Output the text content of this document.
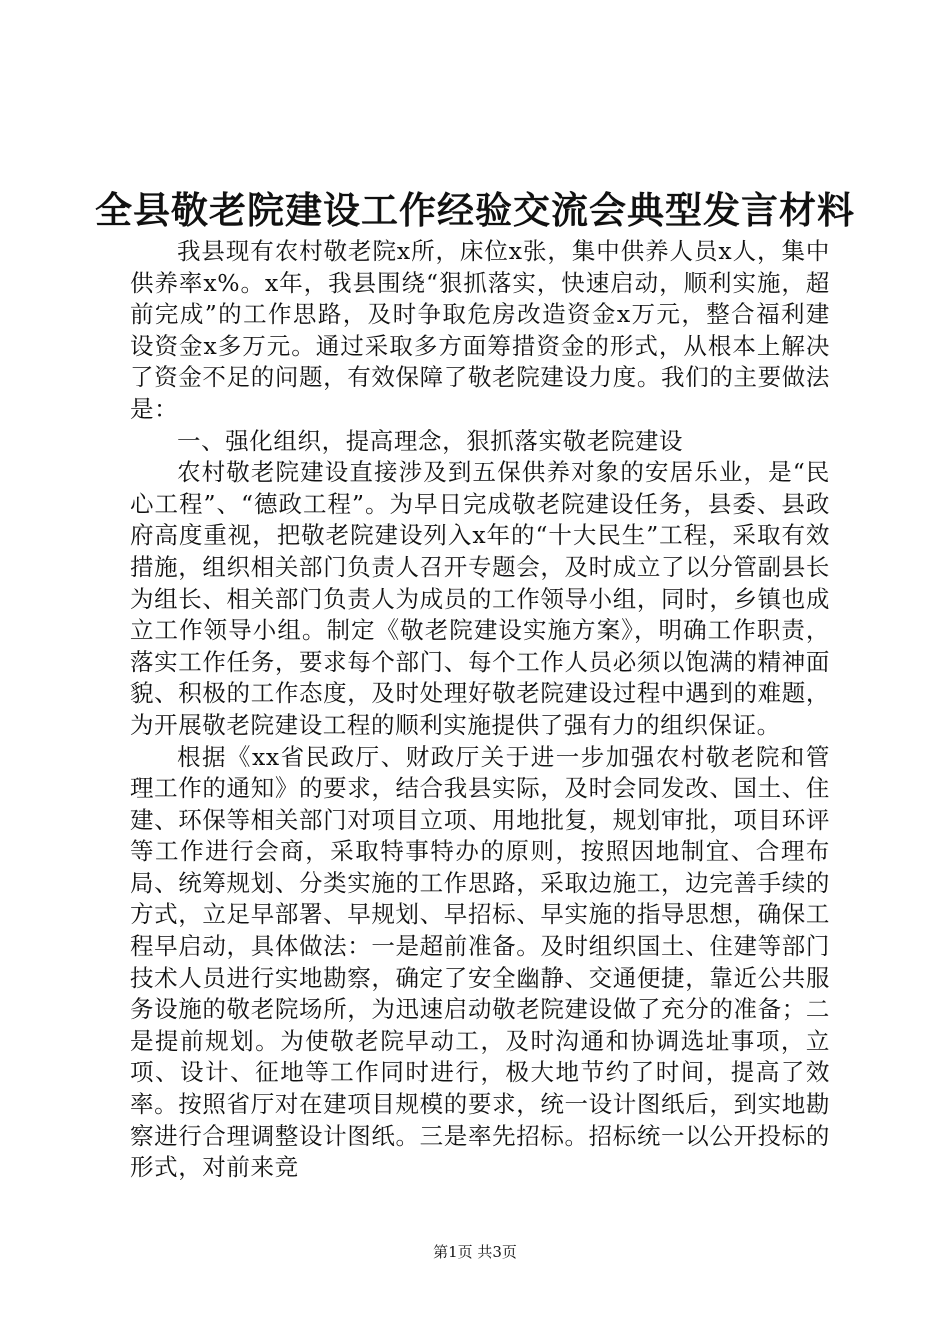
全县敬老院建设工作经验交流会典型发言材料

我县现有农村敬老院x所，床位x张，集中供养人员x人，集中供养率x%。x年，我县围绕“狠抓落实，快速启动，顺利实施，超前完成”的工作思路，及时争取危房改造资金x万元，整合福利建设资金x多万元。通过采取多方面筹措资金的形式，从根本上解决了资金不足的问题，有效保障了敬老院建设力度。我们的主要做法是：

一、强化组织，提高理念，狠抓落实敬老院建设

农村敬老院建设直接涉及到五保供养对象的安居乐业，是“民心工程”、“德政工程”。为早日完成敬老院建设任务，县委、县政府高度重视，把敬老院建设列入x年的“十大民生”工程，采取有效措施，组织相关部门负责人召开专题会，及时成立了以分管副县长为组长、相关部门负责人为成员的工作领导小组，同时，乡镇也成立工作领导小组。制定《敬老院建设实施方案》，明确工作职责，落实工作任务，要求每个部门、每个工作人员必须以饱满的精神面貌、积极的工作态度，及时处理好敬老院建设过程中遇到的难题，为开展敬老院建设工程的顺利实施提供了强有力的组织保证。

根据《xx省民政厅、财政厅关于进一步加强农村敬老院和管理工作的通知》的要求，结合我县实际，及时会同发改、国土、住建、环保等相关部门对项目立项、用地批复，规划审批，项目环评等工作进行会商，采取特事特办的原则，按照因地制宜、合理布局、统筹规划、分类实施的工作思路，采取边施工，边完善手续的方式，立足早部署、早规划、早招标、早实施的指导思想，确保工程早启动，具体做法：一是超前准备。及时组织国土、住建等部门技术人员进行实地勘察，确定了安全幽静、交通便捷，靠近公共服务设施的敬老院场所，为迅速启动敬老院建设做了充分的准备；二是提前规划。为使敬老院早动工，及时沟通和协调选址事项，立项、设计、征地等工作同时进行，极大地节约了时间，提高了效率。按照省厅对在建项目规模的要求，统一设计图纸后，到实地勘察进行合理调整设计图纸。三是率先招标。招标统一以公开投标的形式，对前来竞

第1页 共3页
